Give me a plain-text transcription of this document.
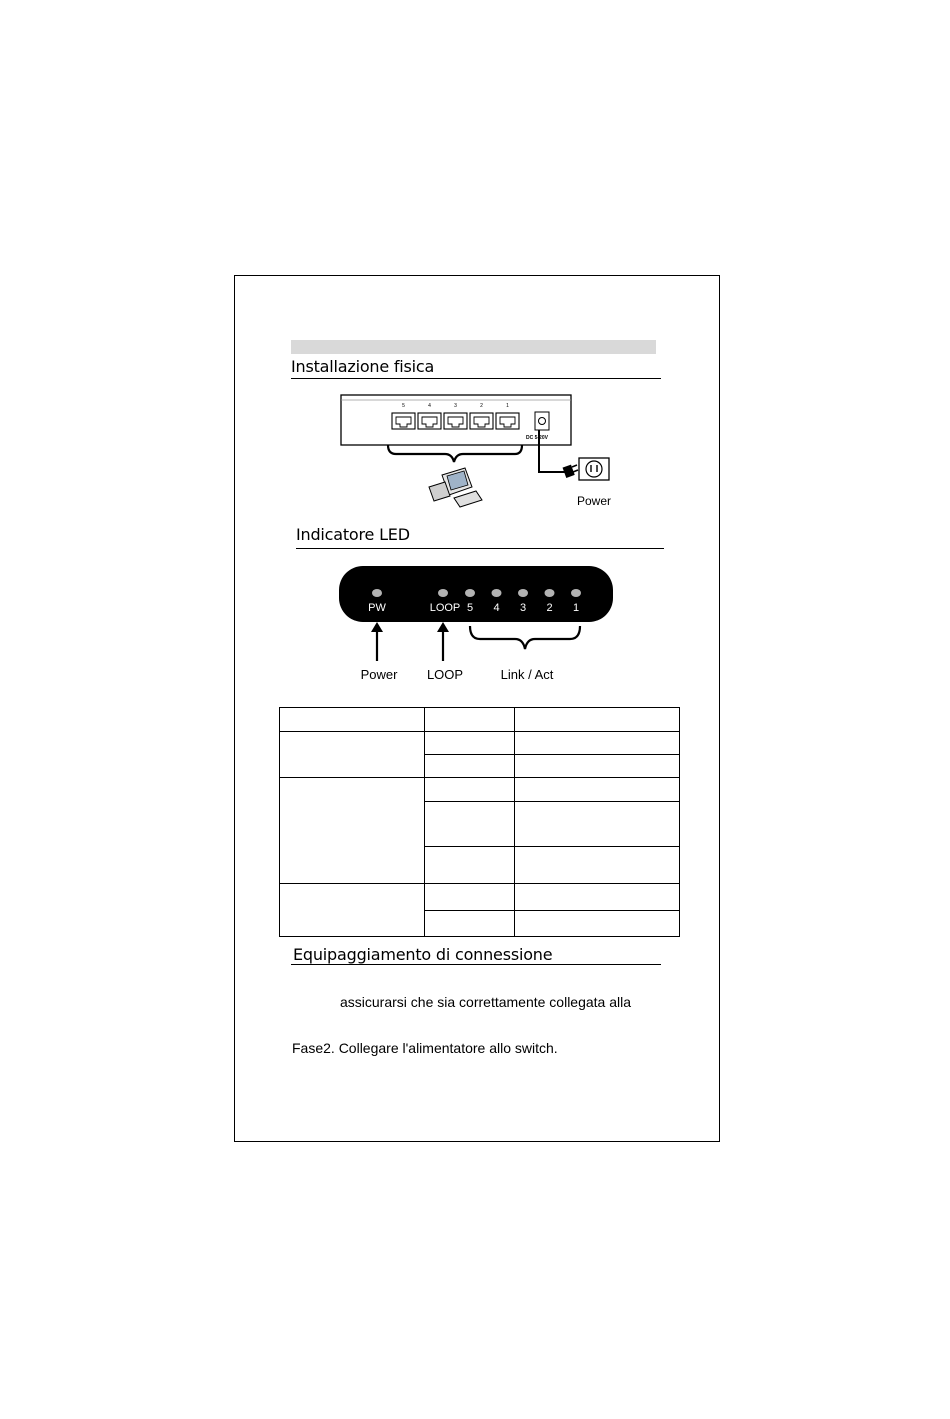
Installazione fisica
5	4	3	2	1
DC 5-20V
Power
Indicatore LED
PW	LOOP 5 4 3 2 1
Power LOOP	Link / Act

Equipaggiamento di connessione
assicurarsi che sia correttamente collegata alla
Fase2. Collegare l'alimentatore allo switch.
